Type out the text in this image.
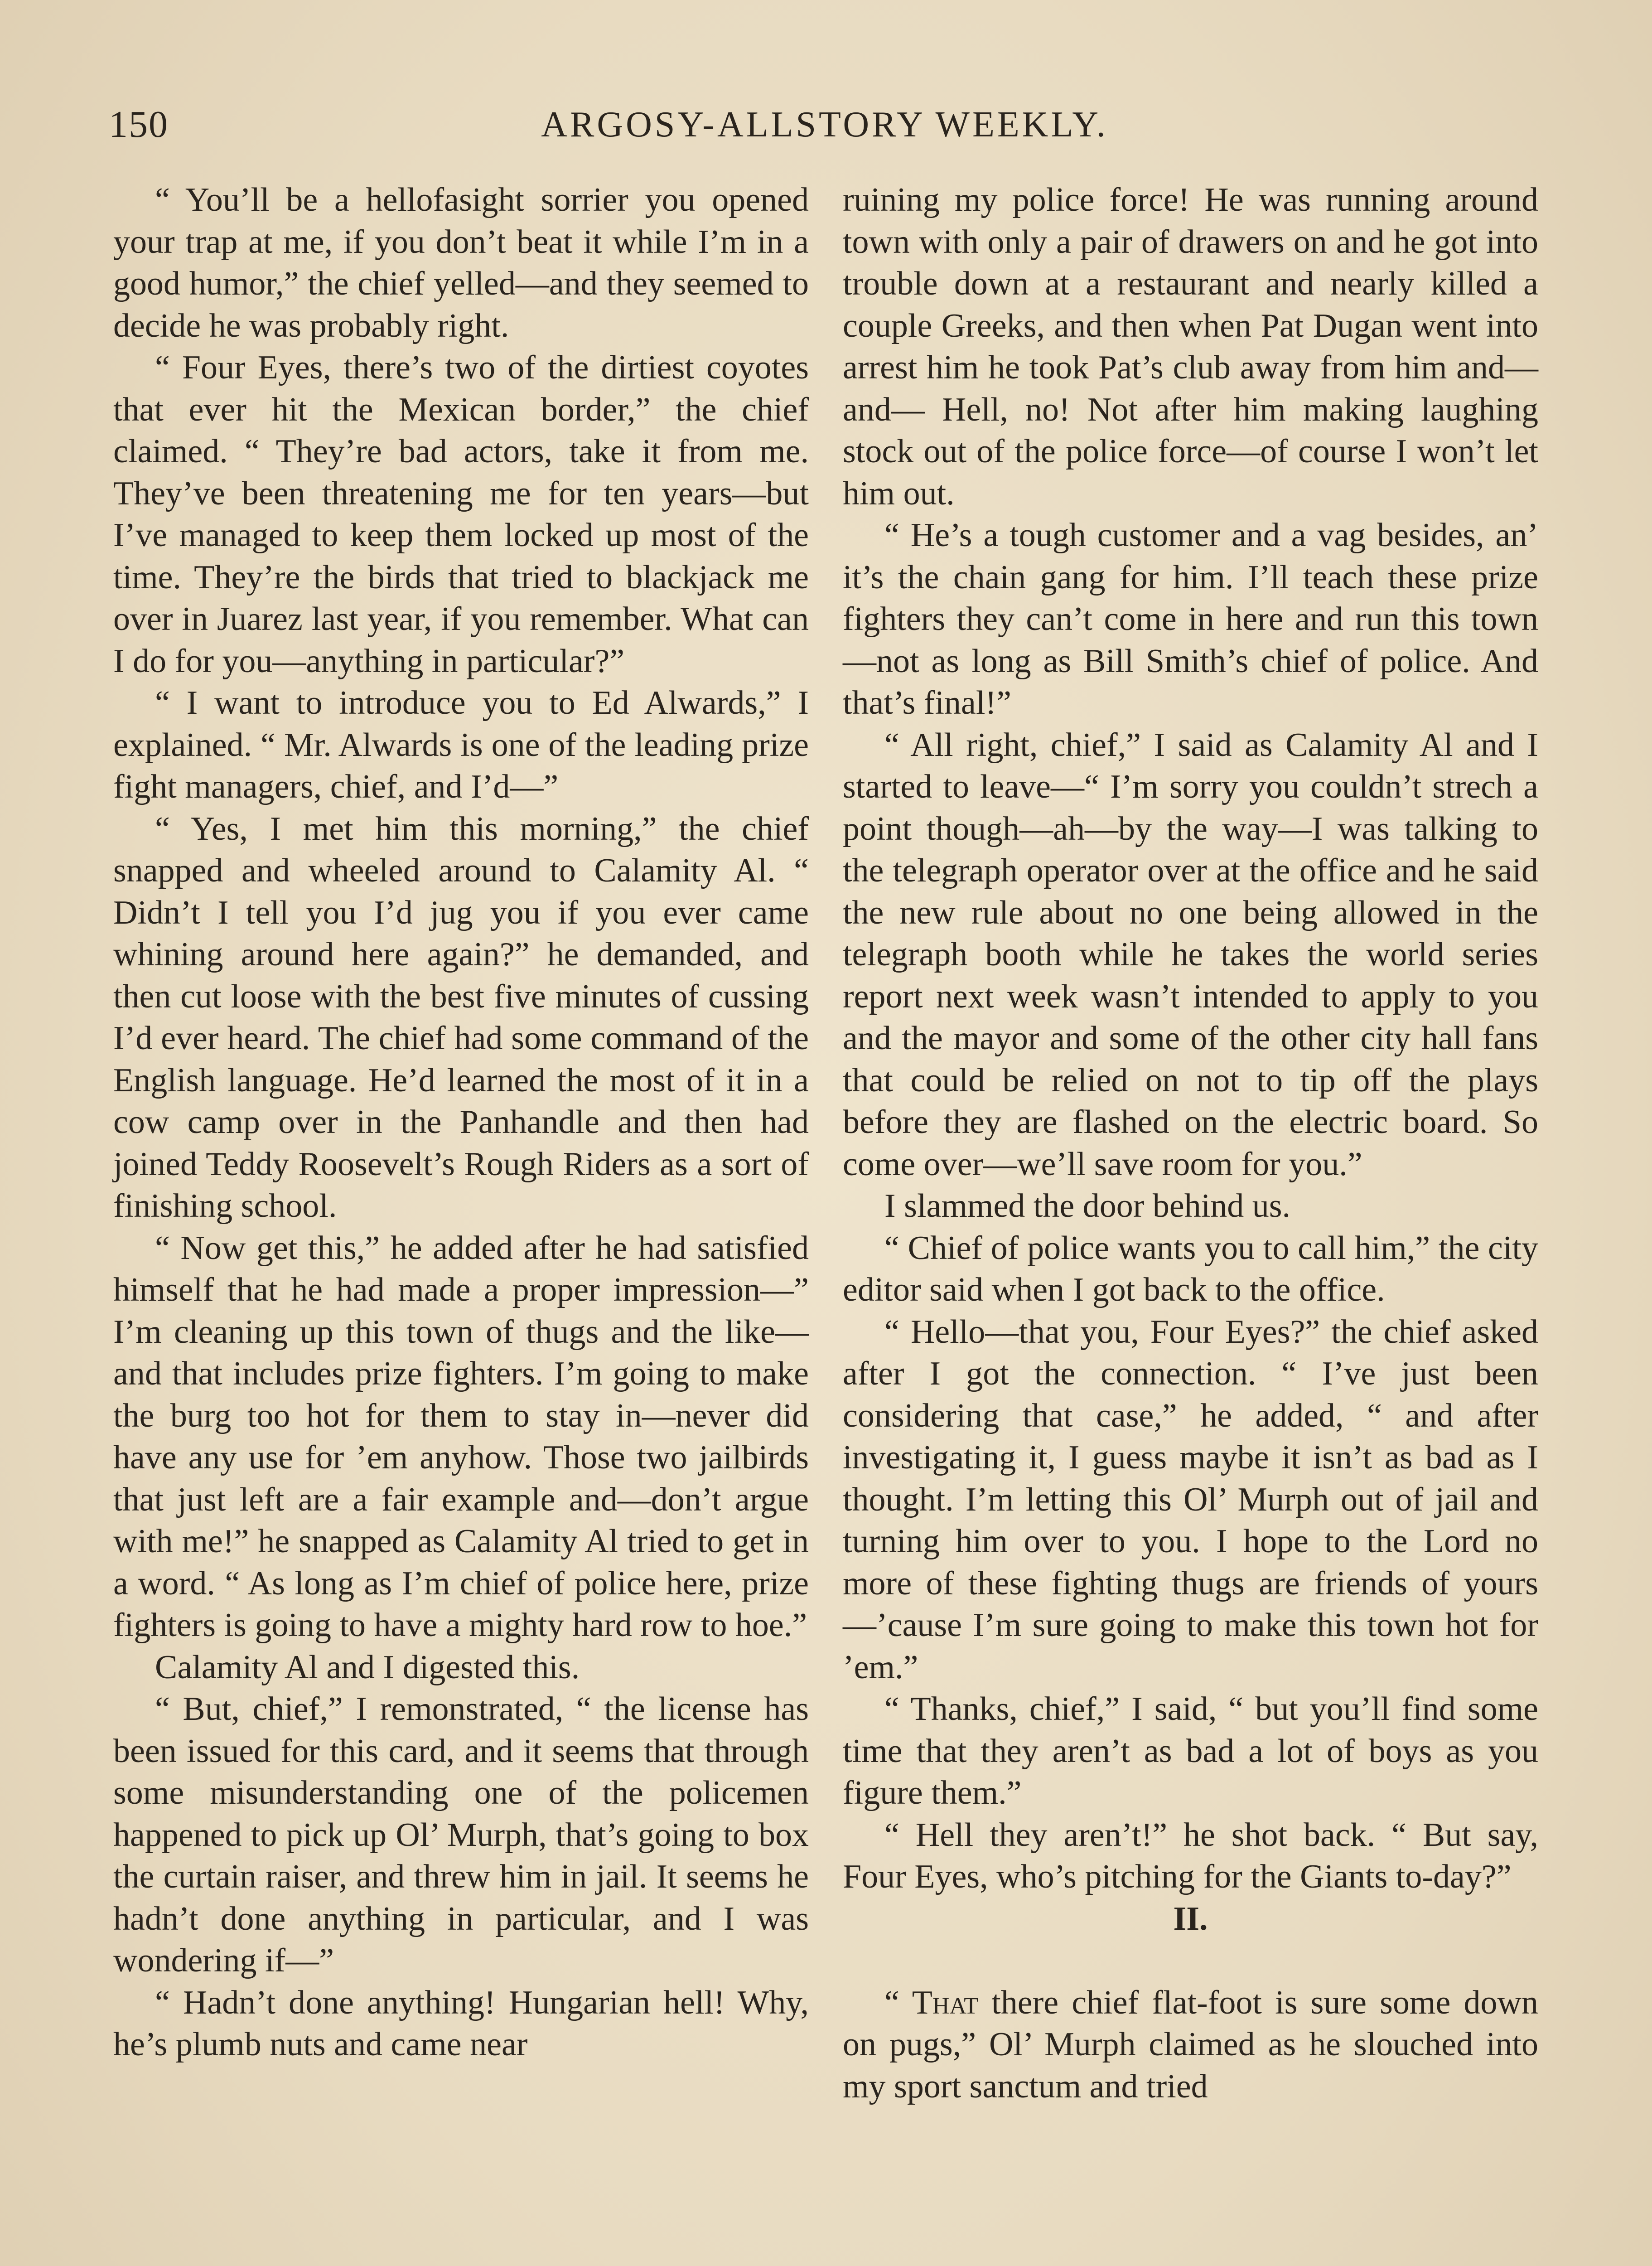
150	ARGOSY-ALLSTORY WEEKLY.

“ You’ll be a hellofasight sorrier you opened your trap at me, if you don’t beat it while I’m in a good humor,” the chief yelled—and they seemed to decide he was probably right.

“ Four Eyes, there’s two of the dirtiest coyotes that ever hit the Mexican border,” the chief claimed. “ They’re bad actors, take it from me. They’ve been threatening me for ten years—but I’ve managed to keep them locked up most of the time. They’re the birds that tried to blackjack me over in Juarez last year, if you remember. What can I do for you—anything in particular?”

“ I want to introduce you to Ed Alwards,” I explained. “ Mr. Alwards is one of the leading prize fight managers, chief, and I’d—”

“ Yes, I met him this morning,” the chief snapped and wheeled around to Calamity Al. “ Didn’t I tell you I’d jug you if you ever came whining around here again?” he demanded, and then cut loose with the best five minutes of cussing I’d ever heard. The chief had some command of the English language. He’d learned the most of it in a cow camp over in the Panhandle and then had joined Teddy Roosevelt’s Rough Riders as a sort of finishing school.

“ Now get this,” he added after he had satisfied himself that he had made a proper impression—” I’m cleaning up this town of thugs and the like—and that includes prize fighters. I’m going to make the burg too hot for them to stay in—never did have any use for ’em anyhow. Those two jailbirds that just left are a fair example and—don’t argue with me!” he snapped as Calamity Al tried to get in a word. “ As long as I’m chief of police here, prize fighters is going to have a mighty hard row to hoe.”

Calamity Al and I digested this.

“ But, chief,” I remonstrated, “ the license has been issued for this card, and it seems that through some misunderstanding one of the policemen happened to pick up Ol’ Murph, that’s going to box the curtain raiser, and threw him in jail. It seems he hadn’t done anything in particular, and I was wondering if—”

“ Hadn’t done anything! Hungarian hell! Why, he’s plumb nuts and came near

ruining my police force! He was running around town with only a pair of drawers on and he got into trouble down at a restaurant and nearly killed a couple Greeks, and then when Pat Dugan went into arrest him he took Pat’s club away from him and—and— Hell, no! Not after him making laughing stock out of the police force—of course I won’t let him out.

“ He’s a tough customer and a vag besides, an’ it’s the chain gang for him. I’ll teach these prize fighters they can’t come in here and run this town—not as long as Bill Smith’s chief of police. And that’s final!”

“ All right, chief,” I said as Calamity Al and I started to leave—“ I’m sorry you couldn’t strech a point though—ah—by the way—I was talking to the telegraph operator over at the office and he said the new rule about no one being allowed in the telegraph booth while he takes the world series report next week wasn’t intended to apply to you and the mayor and some of the other city hall fans that could be relied on not to tip off the plays before they are flashed on the electric board. So come over—we’ll save room for you.”

I slammed the door behind us.

“ Chief of police wants you to call him,” the city editor said when I got back to the office.

“ Hello—that you, Four Eyes?” the chief asked after I got the connection. “ I’ve just been considering that case,” he added, “ and after investigating it, I guess maybe it isn’t as bad as I thought. I’m letting this Ol’ Murph out of jail and turning him over to you. I hope to the Lord no more of these fighting thugs are friends of yours —’cause I’m sure going to make this town hot for ’em.”

“ Thanks, chief,” I said, “ but you’ll find some time that they aren’t as bad a lot of boys as you figure them.”

“ Hell they aren’t!” he shot back. “ But say, Four Eyes, who’s pitching for the Giants to-day?”

II.

“ That there chief flat-foot is sure some down on pugs,” Ol’ Murph claimed as he slouched into my sport sanctum and tried
